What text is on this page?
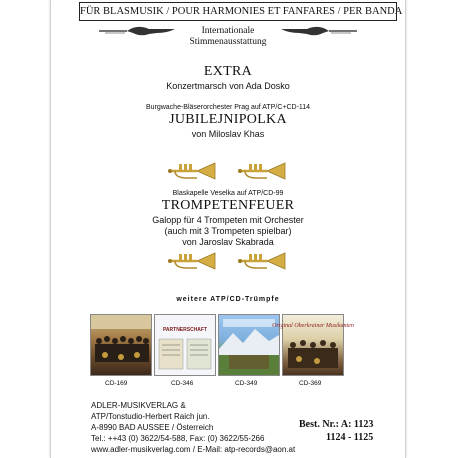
FÜR BLASMUSIK / POUR HARMONIES ET FANFARES / PER BANDA
Internationale
Stimmenausstattung
EXTRA
Konzertmarsch von Ada Dosko
Burgwache-Bläserorchester Prag auf ATP/C+CD-114
JUBILEJNIPOLKA
von Miloslav Khas
Blaskapelle Veselka auf ATP/CD-99
TROMPETENFEUER
Galopp für 4 Trompeten mit Orchester
(auch mit 3 Trompeten spielbar)
von Jaroslav Skabrada
weitere ATP/CD-Trümpfe
PARTNERSCHAFT
Original Oberkrainer Musikanten
CD-169	CD-346	CD-349	CD-369
ADLER-MUSIKVERLAG &
ATP/Tonstudio-Herbert Raich jun.
A-8990 BAD AUSSEE / Österreich
Tel.: ++43 (0) 3622/54-588, Fax: (0) 3622/55-266
www.adler-musikverlag.com / E-Mail: atp-records@aon.at
Best. Nr.: A: 1123
1124 - 1125
